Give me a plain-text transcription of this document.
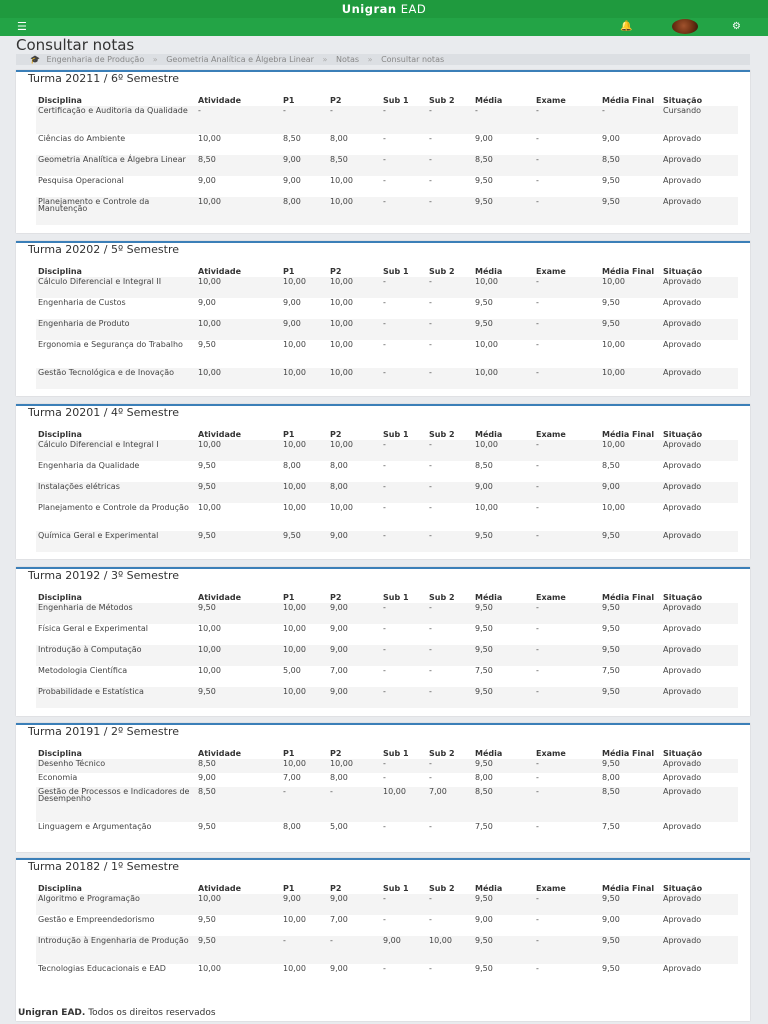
Unigran EAD
☰	🔔	⚙
Consultar notas
🎓 Engenharia de Produção » Geometria Analítica e Álgebra Linear » Notas » Consultar notas
Turma 20211 / 6º Semestre
Disciplina	Atividade	P1	P2	Sub 1	Sub 2	Média	Exame	Média Final	Situação
Certificação e Auditoria da Qualidade	-	-	-	-	-	-	-	-	Cursando
Ciências do Ambiente	10,00	8,50	8,00	-	-	9,00	-	9,00	Aprovado
Geometria Analítica e Álgebra Linear	8,50	9,00	8,50	-	-	8,50	-	8,50	Aprovado
Pesquisa Operacional	9,00	9,00	10,00	-	-	9,50	-	9,50	Aprovado
Planejamento e Controle da Manutenção	10,00	8,00	10,00	-	-	9,50	-	9,50	Aprovado
Turma 20202 / 5º Semestre
Disciplina	Atividade	P1	P2	Sub 1	Sub 2	Média	Exame	Média Final	Situação
Cálculo Diferencial e Integral II	10,00	10,00	10,00	-	-	10,00	-	10,00	Aprovado
Engenharia de Custos	9,00	9,00	10,00	-	-	9,50	-	9,50	Aprovado
Engenharia de Produto	10,00	9,00	10,00	-	-	9,50	-	9,50	Aprovado
Ergonomia e Segurança do Trabalho	9,50	10,00	10,00	-	-	10,00	-	10,00	Aprovado
Gestão Tecnológica e de Inovação	10,00	10,00	10,00	-	-	10,00	-	10,00	Aprovado
Turma 20201 / 4º Semestre
Disciplina	Atividade	P1	P2	Sub 1	Sub 2	Média	Exame	Média Final	Situação
Cálculo Diferencial e Integral I	10,00	10,00	10,00	-	-	10,00	-	10,00	Aprovado
Engenharia da Qualidade	9,50	8,00	8,00	-	-	8,50	-	8,50	Aprovado
Instalações elétricas	9,50	10,00	8,00	-	-	9,00	-	9,00	Aprovado
Planejamento e Controle da Produção	10,00	10,00	10,00	-	-	10,00	-	10,00	Aprovado
Química Geral e Experimental	9,50	9,50	9,00	-	-	9,50	-	9,50	Aprovado
Turma 20192 / 3º Semestre
Disciplina	Atividade	P1	P2	Sub 1	Sub 2	Média	Exame	Média Final	Situação
Engenharia de Métodos	9,50	10,00	9,00	-	-	9,50	-	9,50	Aprovado
Física Geral e Experimental	10,00	10,00	9,00	-	-	9,50	-	9,50	Aprovado
Introdução à Computação	10,00	10,00	9,00	-	-	9,50	-	9,50	Aprovado
Metodologia Científica	10,00	5,00	7,00	-	-	7,50	-	7,50	Aprovado
Probabilidade e Estatística	9,50	10,00	9,00	-	-	9,50	-	9,50	Aprovado
Turma 20191 / 2º Semestre
Disciplina	Atividade	P1	P2	Sub 1	Sub 2	Média	Exame	Média Final	Situação
Desenho Técnico	8,50	10,00	10,00	-	-	9,50	-	9,50	Aprovado
Economia	9,00	7,00	8,00	-	-	8,00	-	8,00	Aprovado
Gestão de Processos e Indicadores de Desempenho	8,50	-	-	10,00	7,00	8,50	-	8,50	Aprovado
Linguagem e Argumentação	9,50	8,00	5,00	-	-	7,50	-	7,50	Aprovado
Turma 20182 / 1º Semestre
Disciplina	Atividade	P1	P2	Sub 1	Sub 2	Média	Exame	Média Final	Situação
Algoritmo e Programação	10,00	9,00	9,00	-	-	9,50	-	9,50	Aprovado
Gestão e Empreendedorismo	9,50	10,00	7,00	-	-	9,00	-	9,00	Aprovado
Introdução à Engenharia de Produção	9,50	-	-	9,00	10,00	9,50	-	9,50	Aprovado
Tecnologias Educacionais e EAD	10,00	10,00	9,00	-	-	9,50	-	9,50	Aprovado
Unigran EAD. Todos os direitos reservados
